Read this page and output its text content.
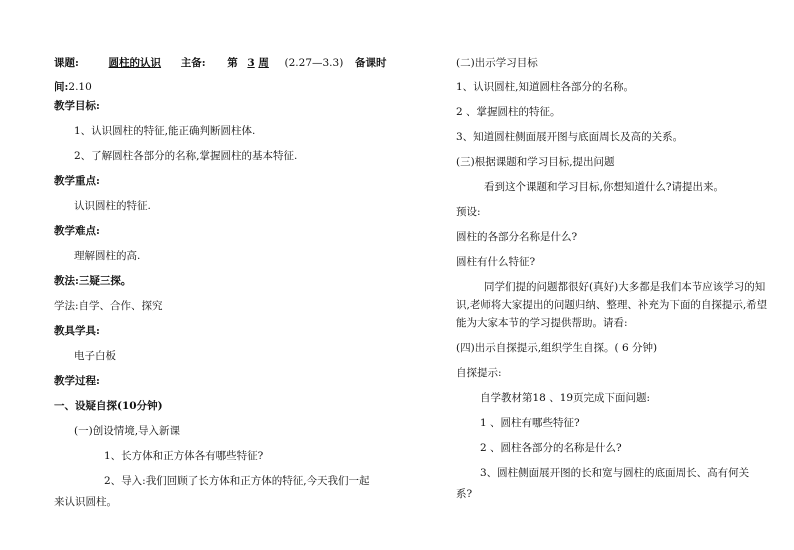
课题:	圆柱的认识 主备: 第 3 周 (2.27—3.3) 备课时
间:2.10
教学目标:
1、认识圆柱的特征,能正确判断圆柱体.
2、了解圆柱各部分的名称,掌握圆柱的基本特征.
教学重点:
认识圆柱的特征.
教学难点:
理解圆柱的高.
教法:三疑三探。
学法:自学、合作、探究
教具学具:
电子白板
教学过程:
一、设疑自探(10分钟)
(一)创设情境,导入新课
1、长方体和正方体各有哪些特征?
2、导入:我们回顾了长方体和正方体的特征,今天我们一起
来认识圆柱。
(二)出示学习目标
1、认识圆柱,知道圆柱各部分的名称。
2 、掌握圆柱的特征。
3、知道圆柱侧面展开图与底面周长及高的关系。
(三)根据课题和学习目标,提出问题
看到这个课题和学习目标,你想知道什么?请提出来。
预设:
圆柱的各部分名称是什么?
圆柱有什么特征?
同学们提的问题都很好(真好)大多都是我们本节应该学习的知
识,老师将大家提出的问题归纳、整理、补充为下面的自探提示,希望
能为大家本节的学习提供帮助。请看:
(四)出示自探提示,组织学生自探。( 6 分钟)
自探提示:
自学教材第18 、19页完成下面问题:
1 、圆柱有哪些特征?
2 、圆柱各部分的名称是什么?
3、圆柱侧面展开图的长和宽与圆柱的底面周长、高有何关
系?
